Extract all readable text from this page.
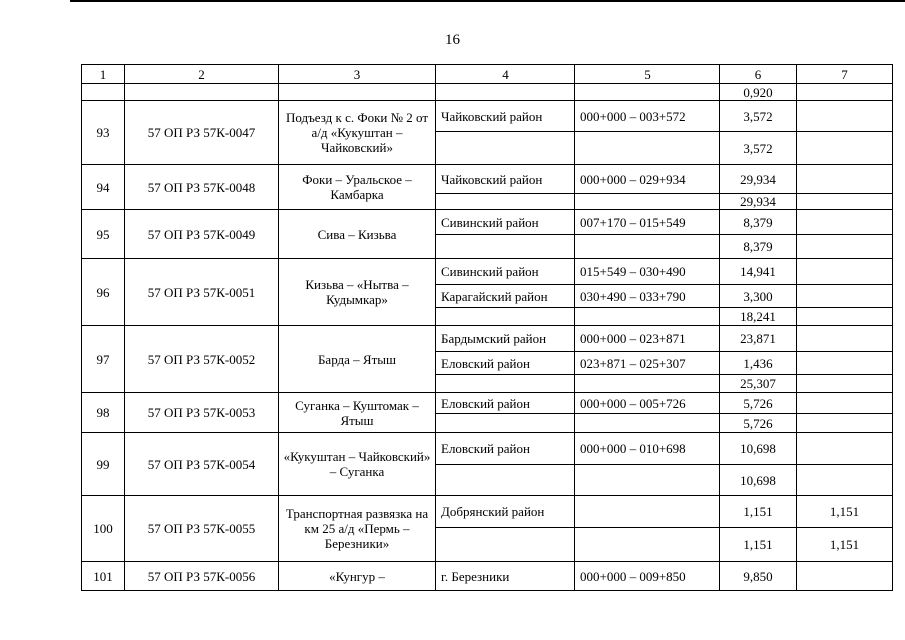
16
1	2	3	4	5	6	7
					0,920	
93	57 ОП РЗ 57К-0047	Подъезд к с. Фоки № 2 от а/д «Кукуштан – Чайковский»	Чайковский район	000+000 – 003+572	3,572	
					3,572	
94	57 ОП РЗ 57К-0048	Фоки – Уральское – Камбарка	Чайковский район	000+000 – 029+934	29,934	
					29,934	
95	57 ОП РЗ 57К-0049	Сива – Кизьва	Сивинский район	007+170 – 015+549	8,379	
					8,379	
96	57 ОП РЗ 57К-0051	Кизьва – «Нытва – Кудымкар»	Сивинский район	015+549 – 030+490	14,941	
			Карагайский район	030+490 – 033+790	3,300	
					18,241	
97	57 ОП РЗ 57К-0052	Барда – Ятыш	Бардымский район	000+000 – 023+871	23,871	
			Еловский район	023+871 – 025+307	1,436	
					25,307	
98	57 ОП РЗ 57К-0053	Суганка – Куштомак – Ятыш	Еловский район	000+000 – 005+726	5,726	
					5,726	
99	57 ОП РЗ 57К-0054	«Кукуштан – Чайковский» – Суганка	Еловский район	000+000 – 010+698	10,698	
					10,698	
100	57 ОП РЗ 57К-0055	Транспортная развязка на км 25 а/д «Пермь – Березники»	Добрянский район		1,151	1,151
					1,151	1,151
101	57 ОП РЗ 57К-0056	«Кунгур –	г. Березники	000+000 – 009+850	9,850	
